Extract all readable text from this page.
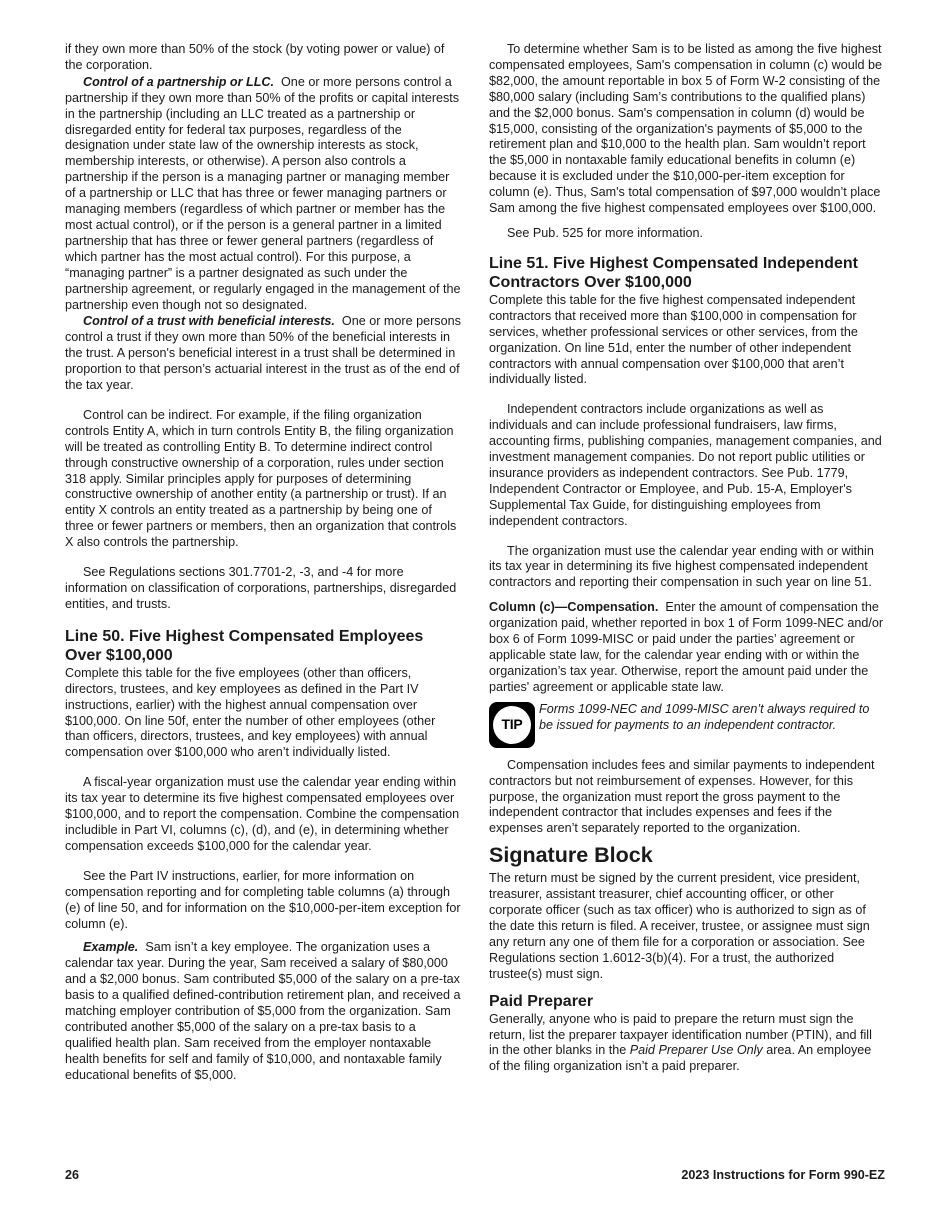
if they own more than 50% of the stock (by voting power or value) of the corporation.

Control of a partnership or LLC. One or more persons control a partnership if they own more than 50% of the profits or capital interests in the partnership (including an LLC treated as a partnership or disregarded entity for federal tax purposes, regardless of the designation under state law of the ownership interests as stock, membership interests, or otherwise). A person also controls a partnership if the person is a managing partner or managing member of a partnership or LLC that has three or fewer managing partners or managing members (regardless of which partner or member has the most actual control), or if the person is a general partner in a limited partnership that has three or fewer general partners (regardless of which partner has the most actual control). For this purpose, a “managing partner” is a partner designated as such under the partnership agreement, or regularly engaged in the management of the partnership even though not so designated.

Control of a trust with beneficial interests. One or more persons control a trust if they own more than 50% of the beneficial interests in the trust. A person's beneficial interest in a trust shall be determined in proportion to that person’s actuarial interest in the trust as of the end of the tax year.

Control can be indirect. For example, if the filing organization controls Entity A, which in turn controls Entity B, the filing organization will be treated as controlling Entity B. To determine indirect control through constructive ownership of a corporation, rules under section 318 apply. Similar principles apply for purposes of determining constructive ownership of another entity (a partnership or trust). If an entity X controls an entity treated as a partnership by being one of three or fewer partners or members, then an organization that controls X also controls the partnership.

See Regulations sections 301.7701-2, -3, and -4 for more information on classification of corporations, partnerships, disregarded entities, and trusts.

Line 50. Five Highest Compensated Employees Over $100,000

Complete this table for the five employees (other than officers, directors, trustees, and key employees as defined in the Part IV instructions, earlier) with the highest annual compensation over $100,000. On line 50f, enter the number of other employees (other than officers, directors, trustees, and key employees) with annual compensation over $100,000 who aren’t individually listed.

A fiscal-year organization must use the calendar year ending within its tax year to determine its five highest compensated employees over $100,000, and to report the compensation. Combine the compensation includible in Part VI, columns (c), (d), and (e), in determining whether compensation exceeds $100,000 for the calendar year.

See the Part IV instructions, earlier, for more information on compensation reporting and for completing table columns (a) through (e) of line 50, and for information on the $10,000-per-item exception for column (e).

Example. Sam isn’t a key employee. The organization uses a calendar tax year. During the year, Sam received a salary of $80,000 and a $2,000 bonus. Sam contributed $5,000 of the salary on a pre-tax basis to a qualified defined-contribution retirement plan, and received a matching employer contribution of $5,000 from the organization. Sam contributed another $5,000 of the salary on a pre-tax basis to a qualified health plan. Sam received from the employer nontaxable health benefits for self and family of $10,000, and nontaxable family educational benefits of $5,000.

To determine whether Sam is to be listed as among the five highest compensated employees, Sam's compensation in column (c) would be $82,000, the amount reportable in box 5 of Form W-2 consisting of the $80,000 salary (including Sam’s contributions to the qualified plans) and the $2,000 bonus. Sam's compensation in column (d) would be $15,000, consisting of the organization's payments of $5,000 to the retirement plan and $10,000 to the health plan. Sam wouldn’t report the $5,000 in nontaxable family educational benefits in column (e) because it is excluded under the $10,000-per-item exception for column (e). Thus, Sam's total compensation of $97,000 wouldn’t place Sam among the five highest compensated employees over $100,000.

See Pub. 525 for more information.

Line 51. Five Highest Compensated Independent Contractors Over $100,000

Complete this table for the five highest compensated independent contractors that received more than $100,000 in compensation for services, whether professional services or other services, from the organization. On line 51d, enter the number of other independent contractors with annual compensation over $100,000 that aren’t individually listed.

Independent contractors include organizations as well as individuals and can include professional fundraisers, law firms, accounting firms, publishing companies, management companies, and investment management companies. Do not report public utilities or insurance providers as independent contractors. See Pub. 1779, Independent Contractor or Employee, and Pub. 15-A, Employer's Supplemental Tax Guide, for distinguishing employees from independent contractors.

The organization must use the calendar year ending with or within its tax year in determining its five highest compensated independent contractors and reporting their compensation in such year on line 51.

Column (c)—Compensation. Enter the amount of compensation the organization paid, whether reported in box 1 of Form 1099-NEC and/or box 6 of Form 1099-MISC or paid under the parties’ agreement or applicable state law, for the calendar year ending with or within the organization’s tax year. Otherwise, report the amount paid under the parties' agreement or applicable state law.

TIP
Forms 1099-NEC and 1099-MISC aren’t always required to be issued for payments to an independent contractor.

Compensation includes fees and similar payments to independent contractors but not reimbursement of expenses. However, for this purpose, the organization must report the gross payment to the independent contractor that includes expenses and fees if the expenses aren’t separately reported to the organization.

Signature Block

The return must be signed by the current president, vice president, treasurer, assistant treasurer, chief accounting officer, or other corporate officer (such as tax officer) who is authorized to sign as of the date this return is filed. A receiver, trustee, or assignee must sign any return any one of them file for a corporation or association. See Regulations section 1.6012-3(b)(4). For a trust, the authorized trustee(s) must sign.

Paid Preparer

Generally, anyone who is paid to prepare the return must sign the return, list the preparer taxpayer identification number (PTIN), and fill in the other blanks in the Paid Preparer Use Only area. An employee of the filing organization isn’t a paid preparer.

26	2023 Instructions for Form 990-EZ
